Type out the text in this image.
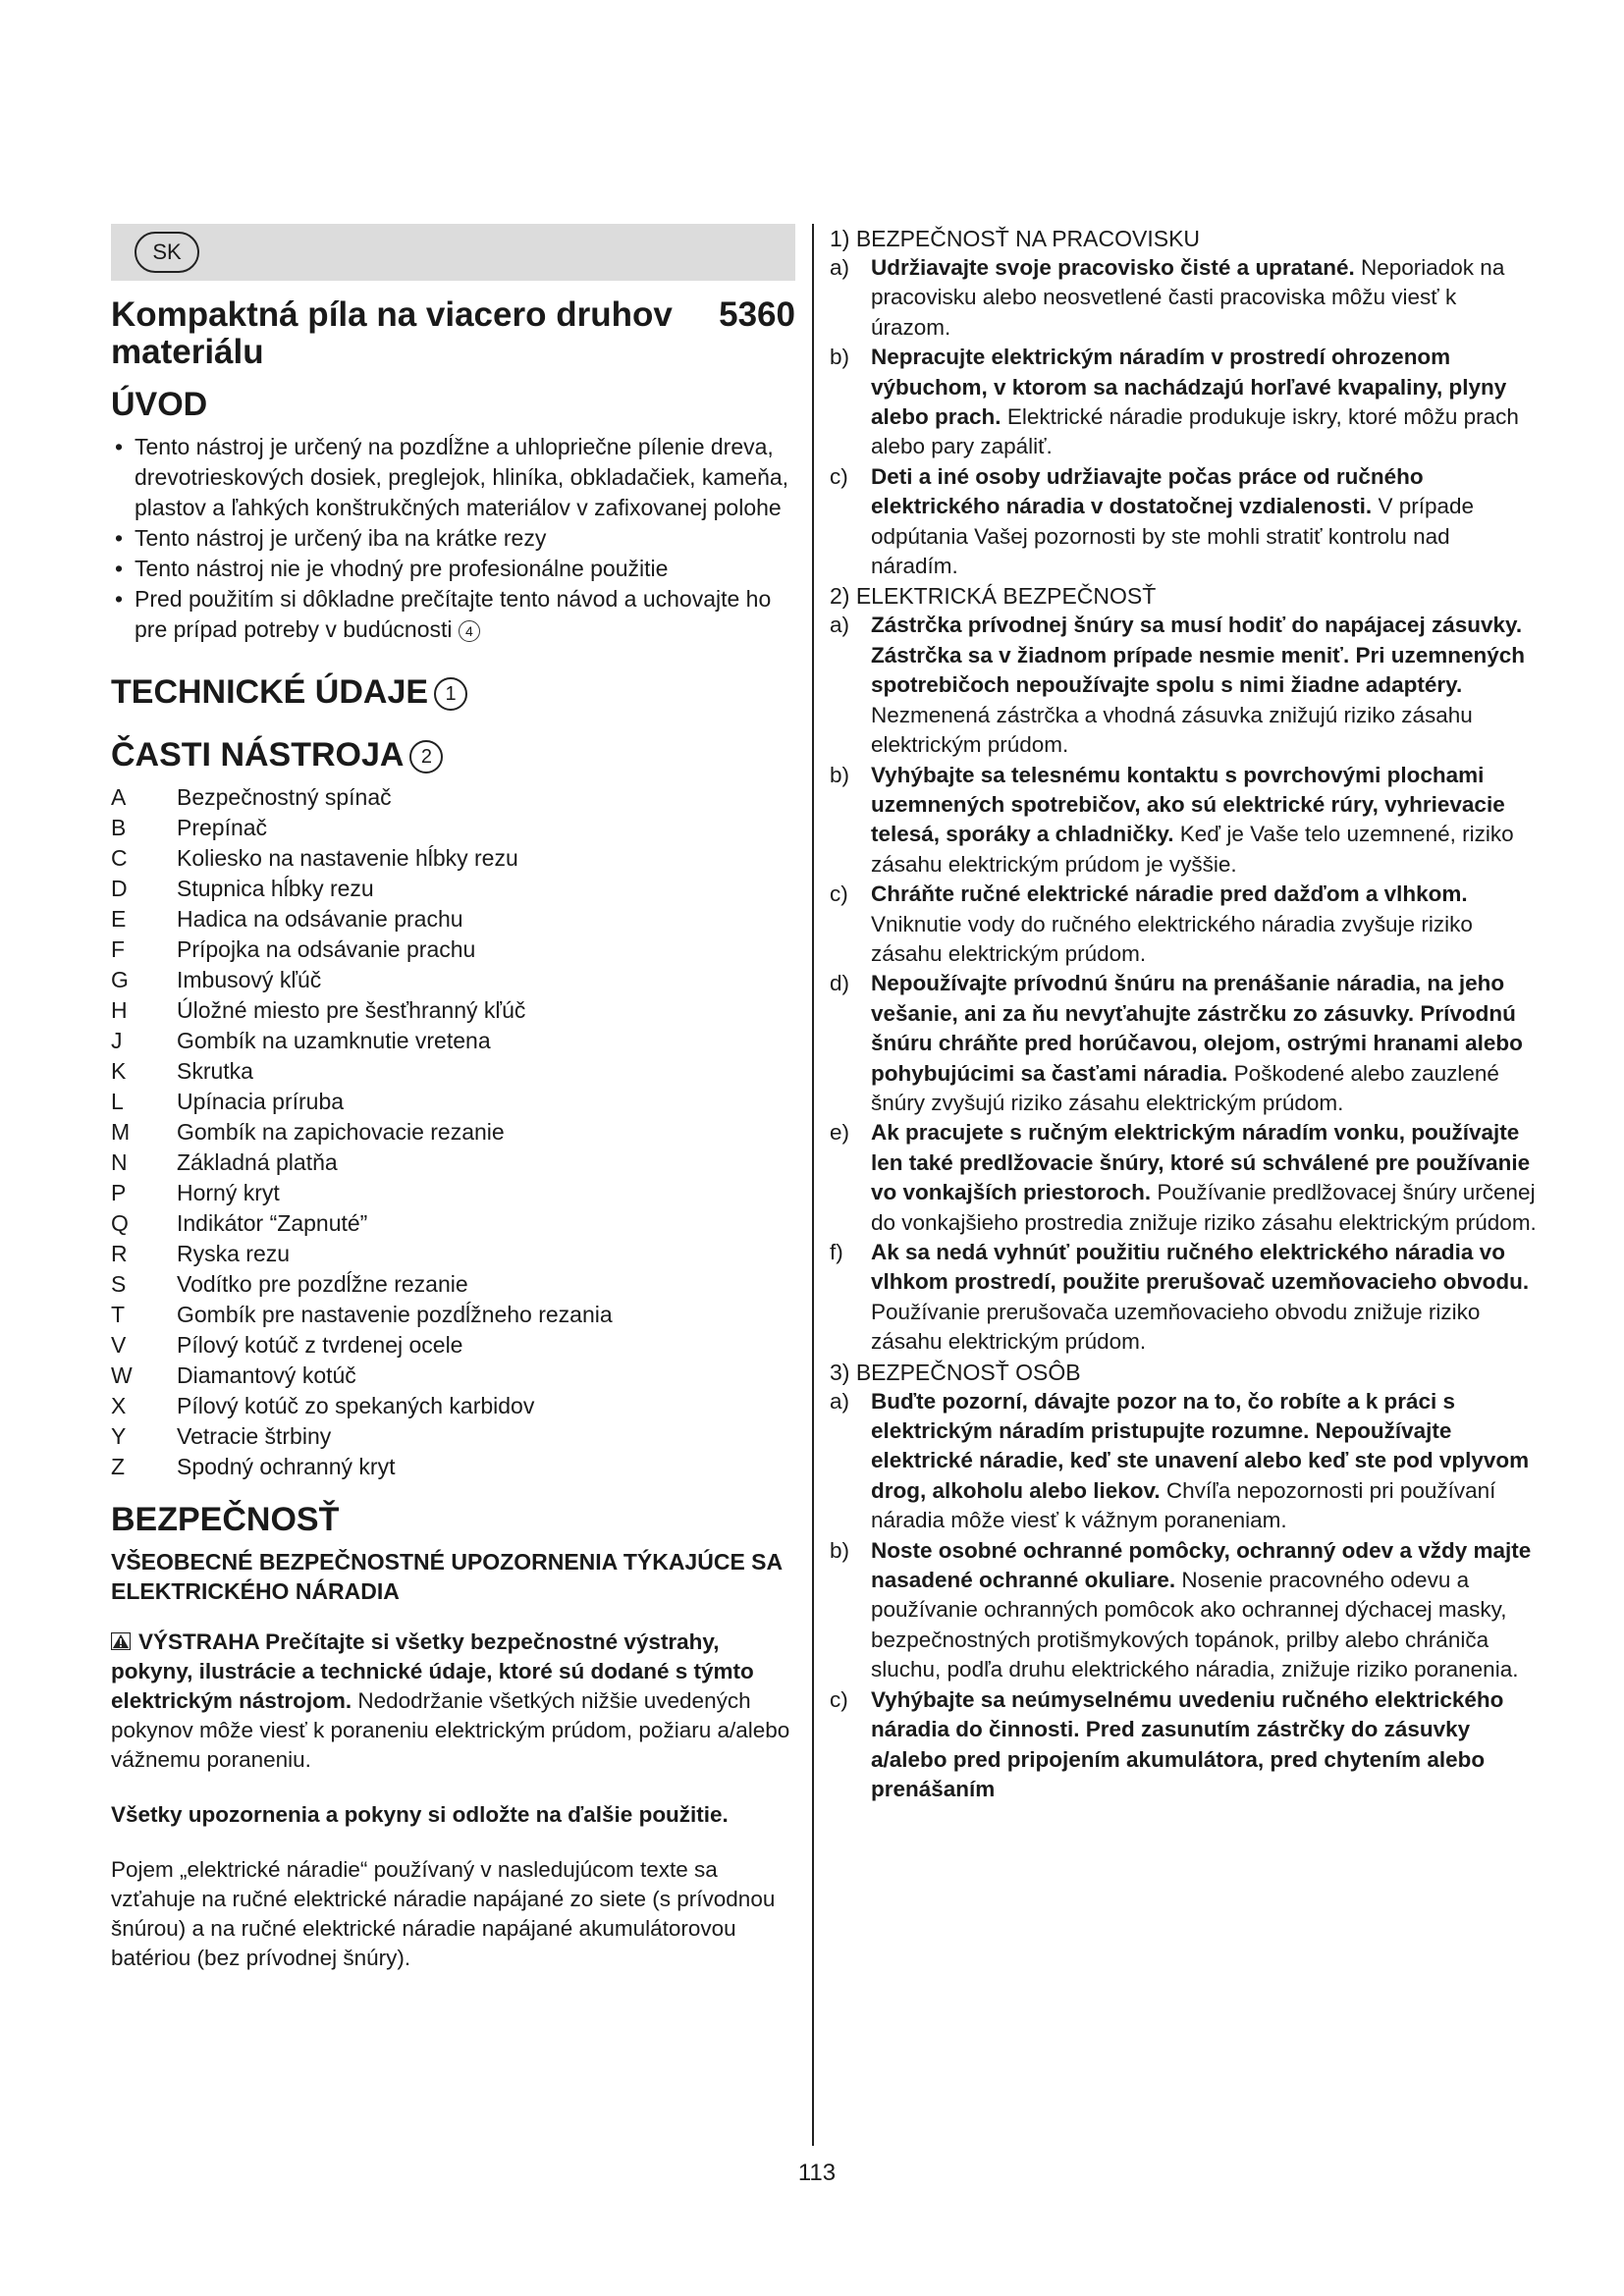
SK
Kompaktná píla na viacero druhov materiálu
5360
ÚVOD
• Tento nástroj je určený na pozdĺžne a uhlopriečne pílenie dreva, drevotrieskových dosiek, preglejok, hliníka, obkladačiek, kameňa, plastov a ľahkých konštrukčných materiálov v zafixovanej polohe
• Tento nástroj je určený iba na krátke rezy
• Tento nástroj nie je vhodný pre profesionálne použitie
• Pred použitím si dôkladne prečítajte tento návod a uchovajte ho pre prípad potreby v budúcnosti 4
TECHNICKÉ ÚDAJE 1
ČASTI NÁSTROJA 2
A	Bezpečnostný spínač
B	Prepínač
C	Koliesko na nastavenie hĺbky rezu
D	Stupnica hĺbky rezu
E	Hadica na odsávanie prachu
F	Prípojka na odsávanie prachu
G	Imbusový kľúč
H	Úložné miesto pre šesťhranný kľúč
J	Gombík na uzamknutie vretena
K	Skrutka
L	Upínacia príruba
M	Gombík na zapichovacie rezanie
N	Základná platňa
P	Horný kryt
Q	Indikátor “Zapnuté”
R	Ryska rezu
S	Vodítko pre pozdĺžne rezanie
T	Gombík pre nastavenie pozdĺžneho rezania
V	Pílový kotúč z tvrdenej ocele
W	Diamantový kotúč
X	Pílový kotúč zo spekaných karbidov
Y	Vetracie štrbiny
Z	Spodný ochranný kryt
BEZPEČNOSŤ
VŠEOBECNÉ BEZPEČNOSTNÉ UPOZORNENIA TÝKAJÚCE SA ELEKTRICKÉHO NÁRADIA

VÝSTRAHA Prečítajte si všetky bezpečnostné výstrahy, pokyny, ilustrácie a technické údaje, ktoré sú dodané s týmto elektrickým nástrojom. Nedodržanie všetkých nižšie uvedených pokynov môže viesť k poraneniu elektrickým prúdom, požiaru a/alebo vážnemu poraneniu.

Všetky upozornenia a pokyny si odložte na ďalšie použitie.

Pojem „elektrické náradie“ používaný v nasledujúcom texte sa vzťahuje na ručné elektrické náradie napájané zo siete (s prívodnou šnúrou) a na ručné elektrické náradie napájané akumulátorovou batériou (bez prívodnej šnúry).

1) BEZPEČNOSŤ NA PRACOVISKU
a) Udržiavajte svoje pracovisko čisté a upratané. Neporiadok na pracovisku alebo neosvetlené časti pracoviska môžu viesť k úrazom.
b) Nepracujte elektrickým náradím v prostredí ohrozenom výbuchom, v ktorom sa nachádzajú horľavé kvapaliny, plyny alebo prach. Elektrické náradie produkuje iskry, ktoré môžu prach alebo pary zapáliť.
c) Deti a iné osoby udržiavajte počas práce od ručného elektrického náradia v dostatočnej vzdialenosti. V prípade odpútania Vašej pozornosti by ste mohli stratiť kontrolu nad náradím.
2) ELEKTRICKÁ BEZPEČNOSŤ
a) Zástrčka prívodnej šnúry sa musí hodiť do napájacej zásuvky. Zástrčka sa v žiadnom prípade nesmie meniť. Pri uzemnených spotrebičoch nepoužívajte spolu s nimi žiadne adaptéry. Nezmenená zástrčka a vhodná zásuvka znižujú riziko zásahu elektrickým prúdom.
b) Vyhýbajte sa telesnému kontaktu s povrchovými plochami uzemnených spotrebičov, ako sú elektrické rúry, vyhrievacie telesá, sporáky a chladničky. Keď je Vaše telo uzemnené, riziko zásahu elektrickým prúdom je vyššie.
c) Chráňte ručné elektrické náradie pred dažďom a vlhkom. Vniknutie vody do ručného elektrického náradia zvyšuje riziko zásahu elektrickým prúdom.
d) Nepoužívajte prívodnú šnúru na prenášanie náradia, na jeho vešanie, ani za ňu nevyťahujte zástrčku zo zásuvky. Prívodnú šnúru chráňte pred horúčavou, olejom, ostrými hranami alebo pohybujúcimi sa časťami náradia. Poškodené alebo zauzlené šnúry zvyšujú riziko zásahu elektrickým prúdom.
e) Ak pracujete s ručným elektrickým náradím vonku, používajte len také predlžovacie šnúry, ktoré sú schválené pre používanie vo vonkajších priestoroch. Používanie predlžovacej šnúry určenej do vonkajšieho prostredia znižuje riziko zásahu elektrickým prúdom.
f) Ak sa nedá vyhnúť použitiu ručného elektrického náradia vo vlhkom prostredí, použite prerušovač uzemňovacieho obvodu. Používanie prerušovača uzemňovacieho obvodu znižuje riziko zásahu elektrickým prúdom.
3) BEZPEČNOSŤ OSÔB
a) Buďte pozorní, dávajte pozor na to, čo robíte a k práci s elektrickým náradím pristupujte rozumne. Nepoužívajte elektrické náradie, keď ste unavení alebo keď ste pod vplyvom drog, alkoholu alebo liekov. Chvíľa nepozornosti pri používaní náradia môže viesť k vážnym poraneniam.
b) Noste osobné ochranné pomôcky, ochranný odev a vždy majte nasadené ochranné okuliare. Nosenie pracovného odevu a používanie ochranných pomôcok ako ochrannej dýchacej masky, bezpečnostných protišmykových topánok, prilby alebo chrániča sluchu, podľa druhu elektrického náradia, znižuje riziko poranenia.
c) Vyhýbajte sa neúmyselnému uvedeniu ručného elektrického náradia do činnosti. Pred zasunutím zástrčky do zásuvky a/alebo pred pripojením akumulátora, pred chytením alebo prenášaním
113
